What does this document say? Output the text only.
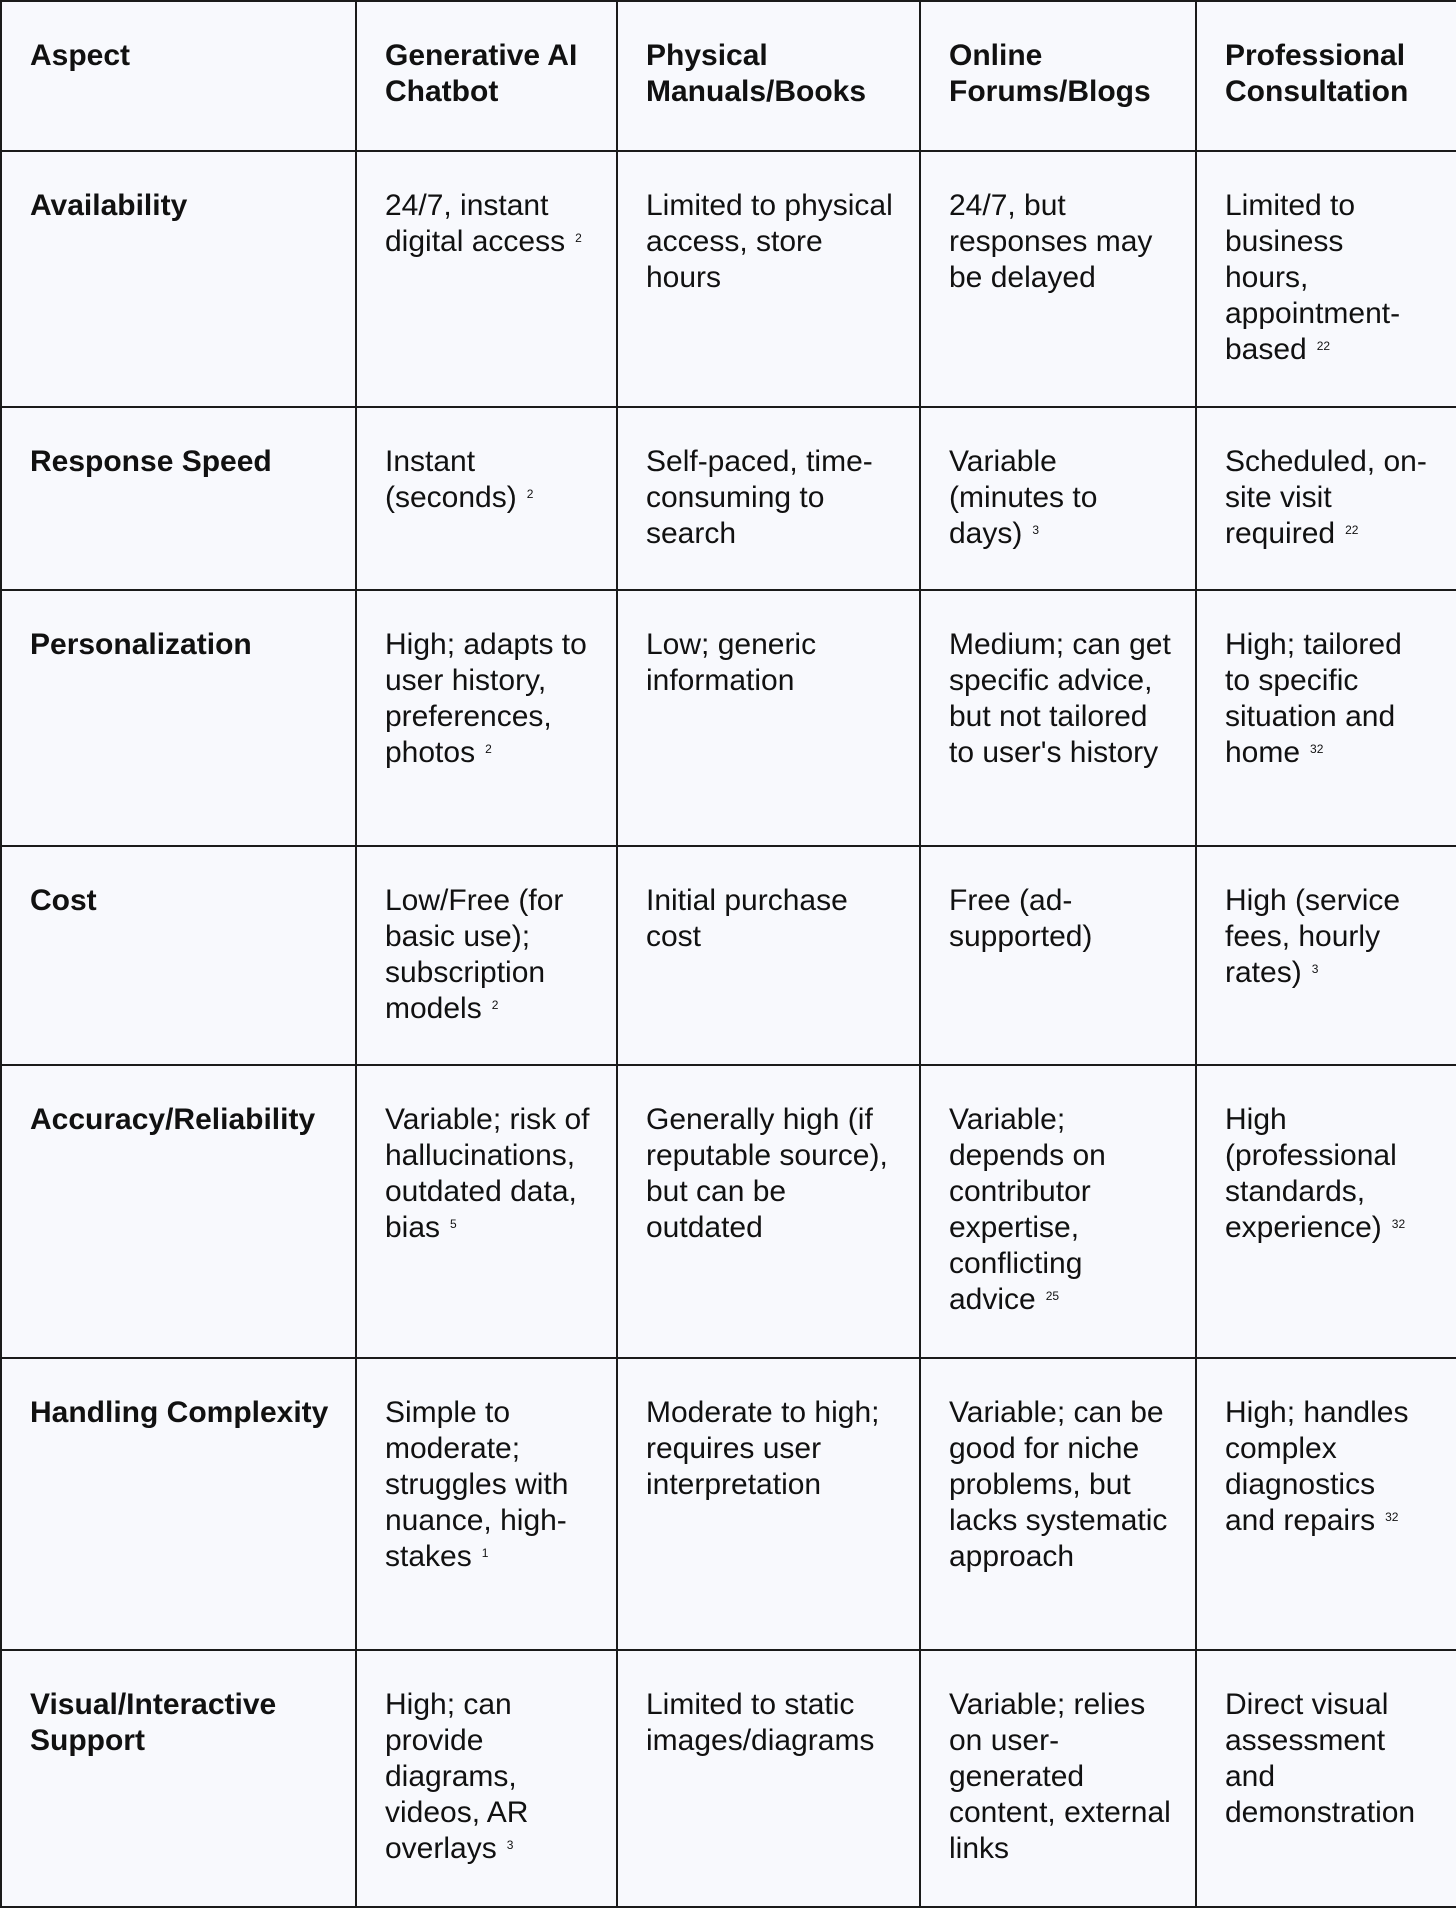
Aspect	Generative AI Chatbot	Physical Manuals/Books	Online Forums/Blogs	Professional Consultation
Availability	24/7, instant digital access $^2$	Limited to physical access, store hours	24/7, but responses may be delayed	Limited to business hours, appointment-based $^{22}$
Response Speed	Instant (seconds) $^2$	Self-paced, time-consuming to search	Variable (minutes to days) $^3$	Scheduled, on-site visit required $^{22}$
Personalization	High; adapts to user history, preferences, photos $^2$	Low; generic information	Medium; can get specific advice, but not tailored to user's history	High; tailored to specific situation and home $^{32}$
Cost	Low/Free (for basic use); subscription models $^2$	Initial purchase cost	Free (ad-supported)	High (service fees, hourly rates) $^3$
Accuracy/Reliability	Variable; risk of hallucinations, outdated data, bias $^5$	Generally high (if reputable source), but can be outdated	Variable; depends on contributor expertise, conflicting advice $^{25}$	High (professional standards, experience) $^{32}$
Handling Complexity	Simple to moderate; struggles with nuance, high-stakes $^1$	Moderate to high; requires user interpretation	Variable; can be good for niche problems, but lacks systematic approach	High; handles complex diagnostics and repairs $^{32}$
Visual/Interactive Support	High; can provide diagrams, videos, AR overlays $^3$	Limited to static images/diagrams	Variable; relies on user-generated content, external links	Direct visual assessment and demonstration
